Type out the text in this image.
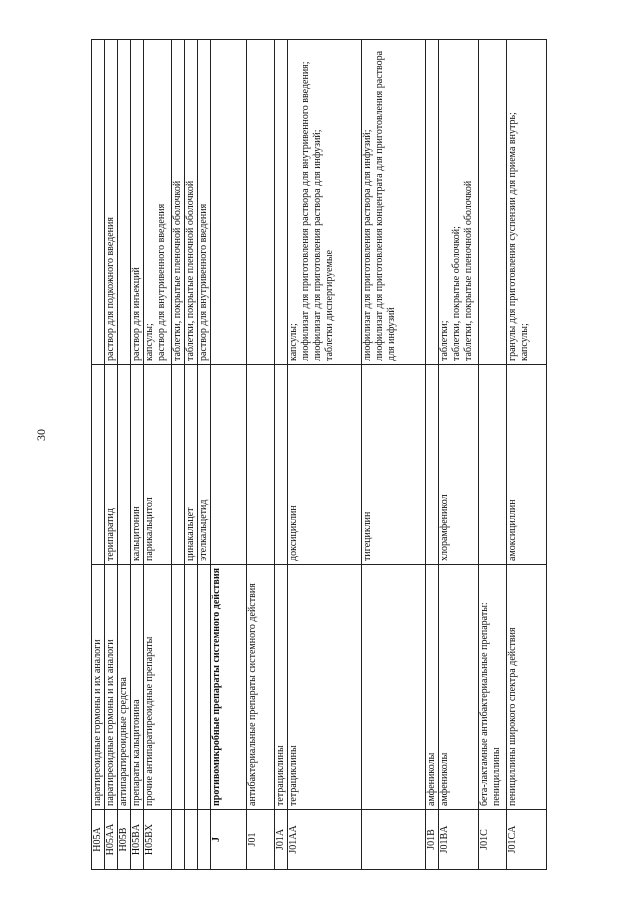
30
H05A	паратиреоидные гормоны и их аналоги		
H05AA	паратиреоидные гормоны и их аналоги	терипаратид	раствор для подкожного введения
H05B	антипаратиреоидные средства		
H05BA	препараты кальцитонина	кальцитонин	раствор для инъекций
H05BX	прочие антипаратиреоидные препараты	парикальцитол	капсулы;
раствор для внутривенного введения
			таблетки, покрытые пленочной оболочкой
		цинакальцет	таблетки, покрытые пленочной оболочкой
		этелкальцетид	раствор для внутривенного введения
J	противомикробные препараты системного действия		
J01	антибактериальные препараты системного действия		
J01A	тетрациклины		
J01AA	тетрациклины	доксициклин	капсулы;
лиофилизат для приготовления раствора для внутривенного введения;
лиофилизат для приготовления раствора для инфузий;
таблетки диспергируемые
		тигециклин	лиофилизат для приготовления раствора для инфузий;
лиофилизат для приготовления концентрата для приготовления раствора для инфузий
J01B	амфениколы		
J01BA	амфениколы	хлорамфеникол	таблетки;
таблетки, покрытые оболочкой;
таблетки, покрытые пленочной оболочкой
J01C	бета-лактамные антибактериальные препараты: пенициллины		
J01CA	пенициллины широкого спектра действия	амоксициллин	гранулы для приготовления суспензии для приема внутрь;
капсулы;
